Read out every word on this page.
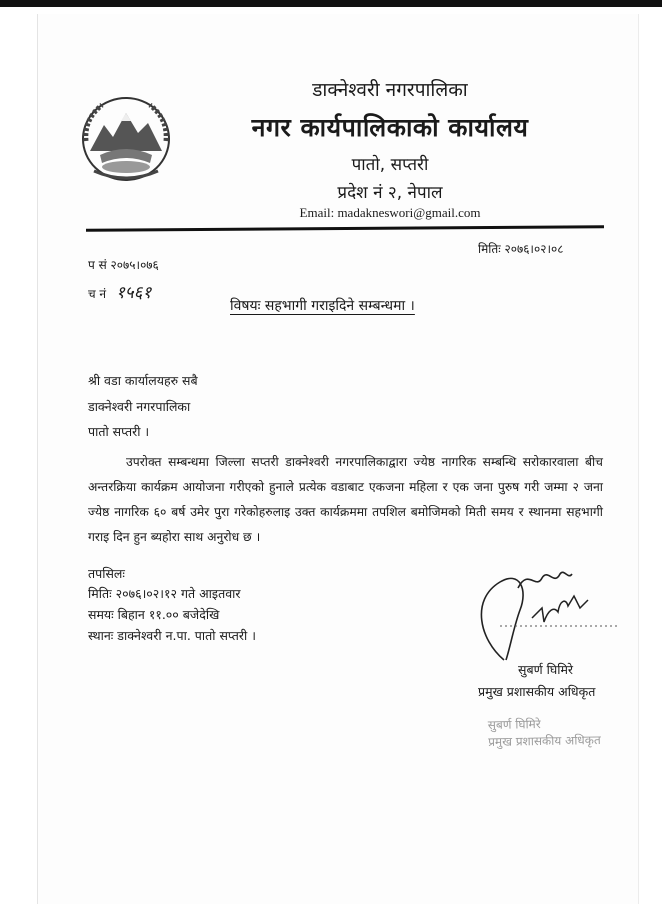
डाक्नेश्वरी नगरपालिका
नगर कार्यपालिकाको कार्यालय
पातो, सप्तरी
प्रदेश नं २, नेपाल
Email: madakneswori@gmail.com
प सं २०७५।०७६
च नं १५६१
मितिः २०७६।०२।०८
विषयः सहभागी गराइदिने सम्बन्धमा ।
श्री वडा कार्यालयहरु सबै
डाक्नेश्वरी नगरपालिका
पातो सप्तरी ।

उपरोक्त सम्बन्धमा जिल्ला सप्तरी डाक्नेश्वरी नगरपालिकाद्वारा ज्येष्ठ नागरिक सम्बन्धि सरोकारवाला बीच अन्तरक्रिया कार्यक्रम आयोजना गरीएको हुनाले प्रत्येक वडाबाट एकजना महिला र एक जना पुरुष गरी जम्मा २ जना ज्येष्ठ नागरिक ६० बर्ष उमेर पुरा गरेकोहरुलाइ उक्त कार्यक्रममा तपशिल बमोजिमको मिती समय र स्थानमा सहभागी गराइ दिन हुन ब्यहोरा साथ अनुरोध छ ।

तपसिलः
मितिः २०७६।०२।१२ गते आइतवार
समयः बिहान ११.०० बजेदेखि
स्थानः डाक्नेश्वरी न.पा. पातो सप्तरी ।
सुबर्ण घिमिरे
प्रमुख प्रशासकीय अधिकृत
सुबर्ण घिमिरे
प्रमुख प्रशासकीय अधिकृत
